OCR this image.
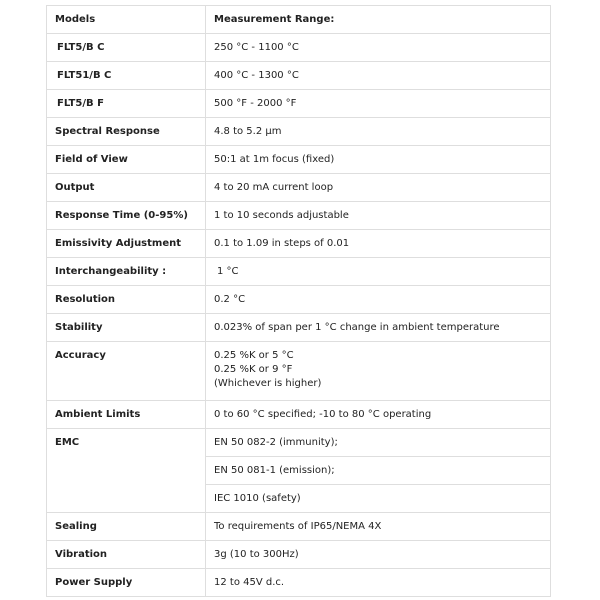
Models	Measurement Range:
FLT5/B C	250 °C - 1100 °C
FLT51/B C	400 °C - 1300 °C
FLT5/B F	500 °F - 2000 °F
Spectral Response	4.8 to 5.2 μm
Field of View	50:1 at 1m focus (fixed)
Output	4 to 20 mA current loop
Response Time (0-95%)	1 to 10 seconds adjustable
Emissivity Adjustment	0.1 to 1.09 in steps of 0.01
Interchangeability :	1 °C
Resolution	0.2 °C
Stability	0.023% of span per 1 °C change in ambient temperature
Accuracy	0.25 %K or 5 °C
0.25 %K or 9 °F
(Whichever is higher)

Ambient Limits	0 to 60 °C specified; -10 to 80 °C operating
EMC	EN 50 082-2 (immunity);
	EN 50 081-1 (emission);
	IEC 1010 (safety)
Sealing	To requirements of IP65/NEMA 4X
Vibration	3g (10 to 300Hz)
Power Supply	12 to 45V d.c.
